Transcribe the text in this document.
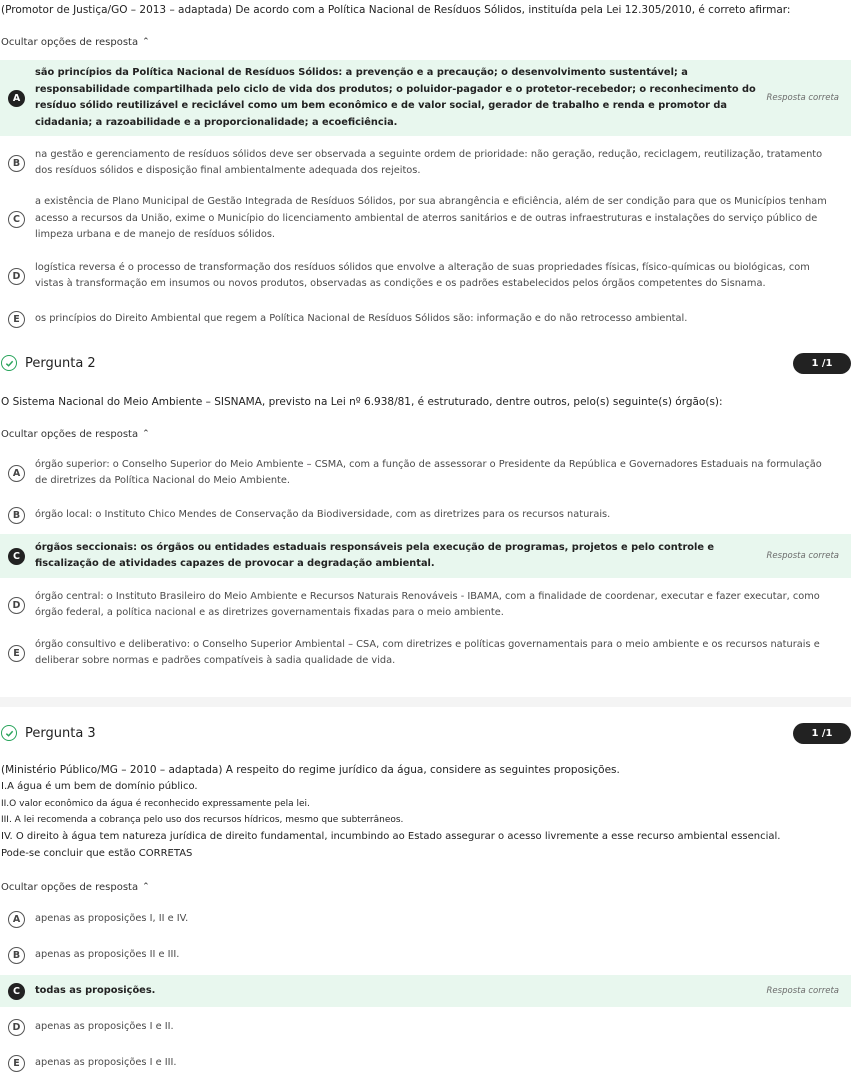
(Promotor de Justiça/GO – 2013 – adaptada) De acordo com a Política Nacional de Resíduos Sólidos, instituída pela Lei 12.305/2010, é correto afirmar:
Ocultar opções de resposta ⌃
A
são princípios da Política Nacional de Resíduos Sólidos: a prevenção e a precaução; o desenvolvimento sustentável; a responsabilidade compartilhada pelo ciclo de vida dos produtos; o poluidor-pagador e o protetor-recebedor; o reconhecimento do resíduo sólido reutilizável e reciclável como um bem econômico e de valor social, gerador de trabalho e renda e promotor da cidadania; a razoabilidade e a proporcionalidade; a ecoeficiência.
Resposta correta
B
na gestão e gerenciamento de resíduos sólidos deve ser observada a seguinte ordem de prioridade: não geração, redução, reciclagem, reutilização, tratamento dos resíduos sólidos e disposição final ambientalmente adequada dos rejeitos.
C
a existência de Plano Municipal de Gestão Integrada de Resíduos Sólidos, por sua abrangência e eficiência, além de ser condição para que os Municípios tenham acesso a recursos da União, exime o Município do licenciamento ambiental de aterros sanitários e de outras infraestruturas e instalações do serviço público de limpeza urbana e de manejo de resíduos sólidos.
D
logística reversa é o processo de transformação dos resíduos sólidos que envolve a alteração de suas propriedades físicas, físico-químicas ou biológicas, com vistas à transformação em insumos ou novos produtos, observadas as condições e os padrões estabelecidos pelos órgãos competentes do Sisnama.
E	os princípios do Direito Ambiental que regem a Política Nacional de Resíduos Sólidos são: informação e do não retrocesso ambiental.
Pergunta 2	1 /1
O Sistema Nacional do Meio Ambiente – SISNAMA, previsto na Lei nº 6.938/81, é estruturado, dentre outros, pelo(s) seguinte(s) órgão(s):
Ocultar opções de resposta ⌃
A
órgão superior: o Conselho Superior do Meio Ambiente – CSMA, com a função de assessorar o Presidente da República e Governadores Estaduais na formulação de diretrizes da Política Nacional do Meio Ambiente.
B	órgão local: o Instituto Chico Mendes de Conservação da Biodiversidade, com as diretrizes para os recursos naturais.
C
órgãos seccionais: os órgãos ou entidades estaduais responsáveis pela execução de programas, projetos e pelo controle e fiscalização de atividades capazes de provocar a degradação ambiental.
Resposta correta
D
órgão central: o Instituto Brasileiro do Meio Ambiente e Recursos Naturais Renováveis - IBAMA, com a finalidade de coordenar, executar e fazer executar, como órgão federal, a política nacional e as diretrizes governamentais fixadas para o meio ambiente.
E
órgão consultivo e deliberativo: o Conselho Superior Ambiental – CSA, com diretrizes e políticas governamentais para o meio ambiente e os recursos naturais e deliberar sobre normas e padrões compatíveis à sadia qualidade de vida.
Pergunta 3	1 /1
(Ministério Público/MG – 2010 – adaptada) A respeito do regime jurídico da água, considere as seguintes proposições.
I.A água é um bem de domínio público.
II.O valor econômico da água é reconhecido expressamente pela lei.
III. A lei recomenda a cobrança pelo uso dos recursos hídricos, mesmo que subterrâneos.
IV. O direito à água tem natureza jurídica de direito fundamental, incumbindo ao Estado assegurar o acesso livremente a esse recurso ambiental essencial.
Pode-se concluir que estão CORRETAS
Ocultar opções de resposta ⌃
A	apenas as proposições I, II e IV.
B	apenas as proposições II e III.
C	todas as proposições.	Resposta correta
D	apenas as proposições I e II.
E	apenas as proposições I e III.
